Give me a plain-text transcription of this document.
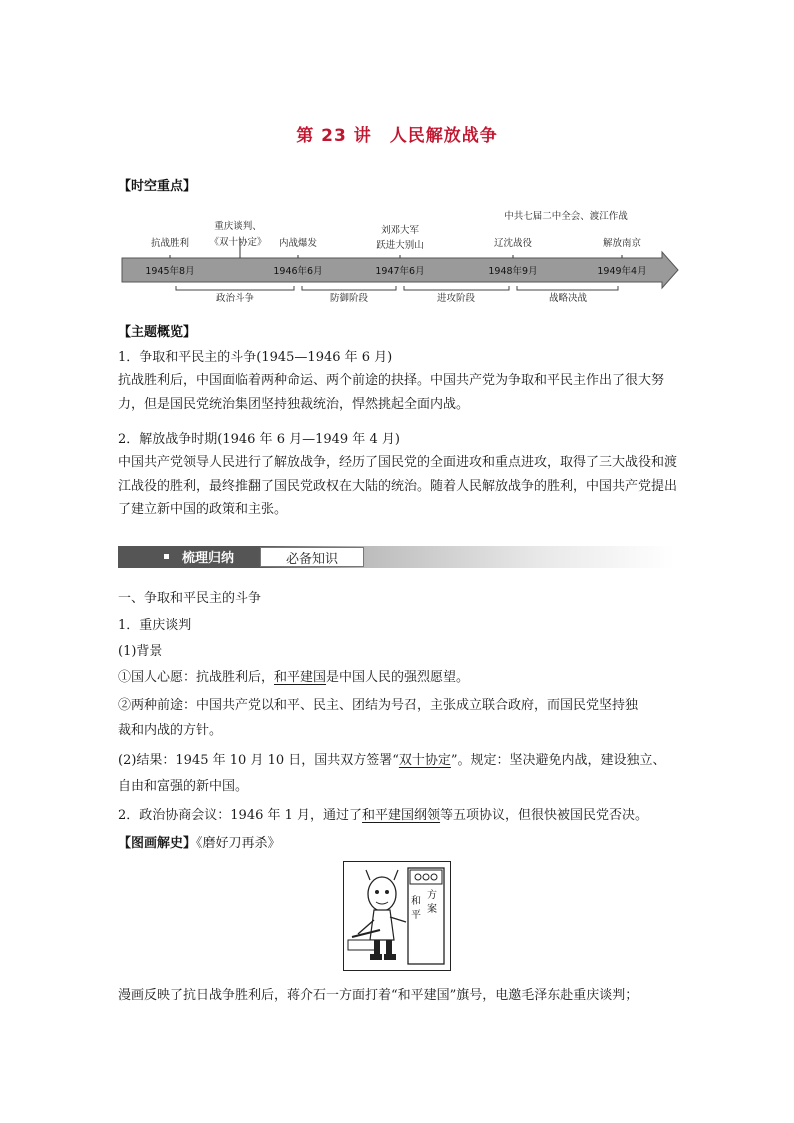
第 23 讲　人民解放战争
【时空重点】
抗战胜利
重庆谈判、
《双十协定》 内战爆发
刘邓大军
跃进大别山
中共七届二中全会、渡江作战
辽沈战役	解放南京
1945年8月	1946年6月	1947年6月	1948年9月	1949年4月
政治斗争	防御阶段	进攻阶段	战略决战
【主题概览】
1．争取和平民主的斗争(1945—1946 年 6 月)
抗战胜利后，中国面临着两种命运、两个前途的抉择。中国共产党为争取和平民主作出了很大努力，但是国民党统治集团坚持独裁统治，悍然挑起全面内战。
2．解放战争时期(1946 年 6 月—1949 年 4 月)
中国共产党领导人民进行了解放战争，经历了国民党的全面进攻和重点进攻，取得了三大战役和渡江战役的胜利，最终推翻了国民党政权在大陆的统治。随着人民解放战争的胜利，中国共产党提出了建立新中国的政策和主张。
梳理归纳	必备知识
一、争取和平民主的斗争
1．重庆谈判
(1)背景
①国人心愿：抗战胜利后，和平建国是中国人民的强烈愿望。
②两种前途：中国共产党以和平、民主、团结为号召，主张成立联合政府，而国民党坚持独
裁和内战的方针。
(2)结果：1945 年 10 月 10 日，国共双方签署“双十协定”。规定：坚决避免内战，建设独立、
自由和富强的新中国。
2．政治协商会议：1946 年 1 月，通过了和平建国纲领等五项协议，但很快被国民党否决。
【图画解史】《磨好刀再杀》
和
方
平
案
漫画反映了抗日战争胜利后，蒋介石一方面打着“和平建国”旗号，电邀毛泽东赴重庆谈判；
